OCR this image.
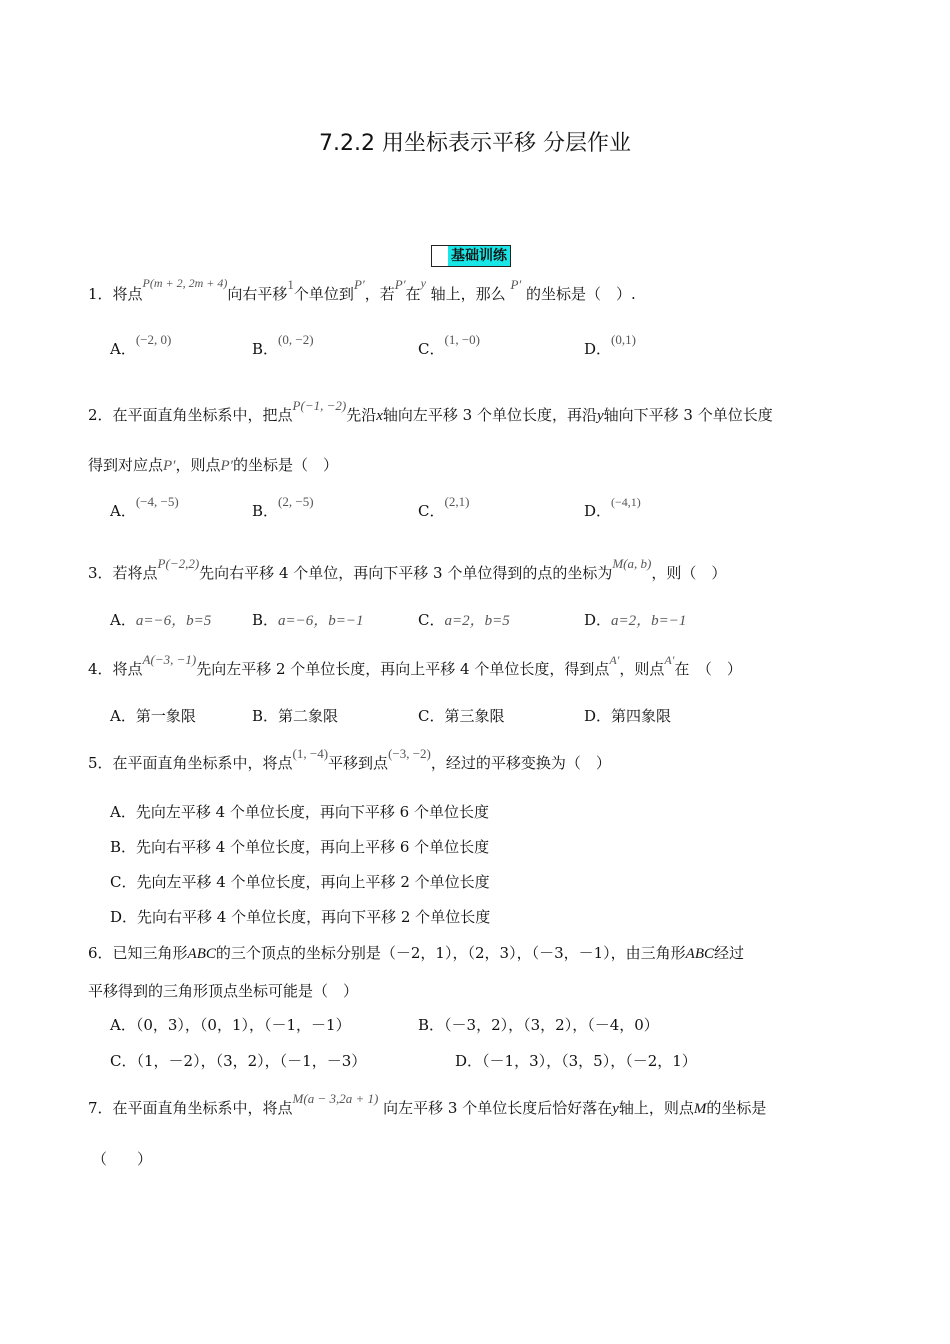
7.2.2 用坐标表示平移 分层作业
基础训练
1．将点$^{P(m + 2, 2m + 4)}$向右平移1个单位到P′，若P′在$^y$ 轴上，那么 P′ 的坐标是（　）.
A．(−2, 0)
B．(0, −2)
C．(1, −0)
D．(0,1)
2．在平面直角坐标系中，把点P(−1, −2)先沿x轴向左平移 3 个单位长度，再沿y轴向下平移 3 个单位长度
得到对应点P′，则点P′的坐标是（　）
A．(−4, −5)
B．(2, −5)
C．(2,1)
D．$^{(-4,1)}$
3．若将点P(−2,2)先向右平移 4 个单位，再向下平移 3 个单位得到的点的坐标为M(a, b)，则（　）
A．a=−6，b=5	B．a=−6，b=−1	C．a=2，b=5	D．a=2，b=−1
4．将点A(−3, −1)先向左平移 2 个单位长度，再向上平移 4 个单位长度，得到点$^{A'}$，则点$^{A'}$在　（　）
A．第一象限	B．第二象限	C．第三象限	D．第四象限
5．在平面直角坐标系中，将点(1, −4)平移到点(−3, −2)，经过的平移变换为（　）
A．先向左平移 4 个单位长度，再向下平移 6 个单位长度
B．先向右平移 4 个单位长度，再向上平移 6 个单位长度
C．先向左平移 4 个单位长度，再向上平移 2 个单位长度
D．先向右平移 4 个单位长度，再向下平移 2 个单位长度
6．已知三角形ABC的三个顶点的坐标分别是（－2，1），（2，3），（－3，－1），由三角形ABC经过
平移得到的三角形顶点坐标可能是（　）
A．（0，3），（0，1），（－1，－1）	B．（－3，2），（3，2），（－4，0）
C．（1，－2），（3，2），（－1，－3）	D．（－1，3），（3，5），（－2，1）
7．在平面直角坐标系中，将点M(a − 3,2a + 1) 向左平移 3 个单位长度后恰好落在y轴上，则点M的坐标是
（　　）
